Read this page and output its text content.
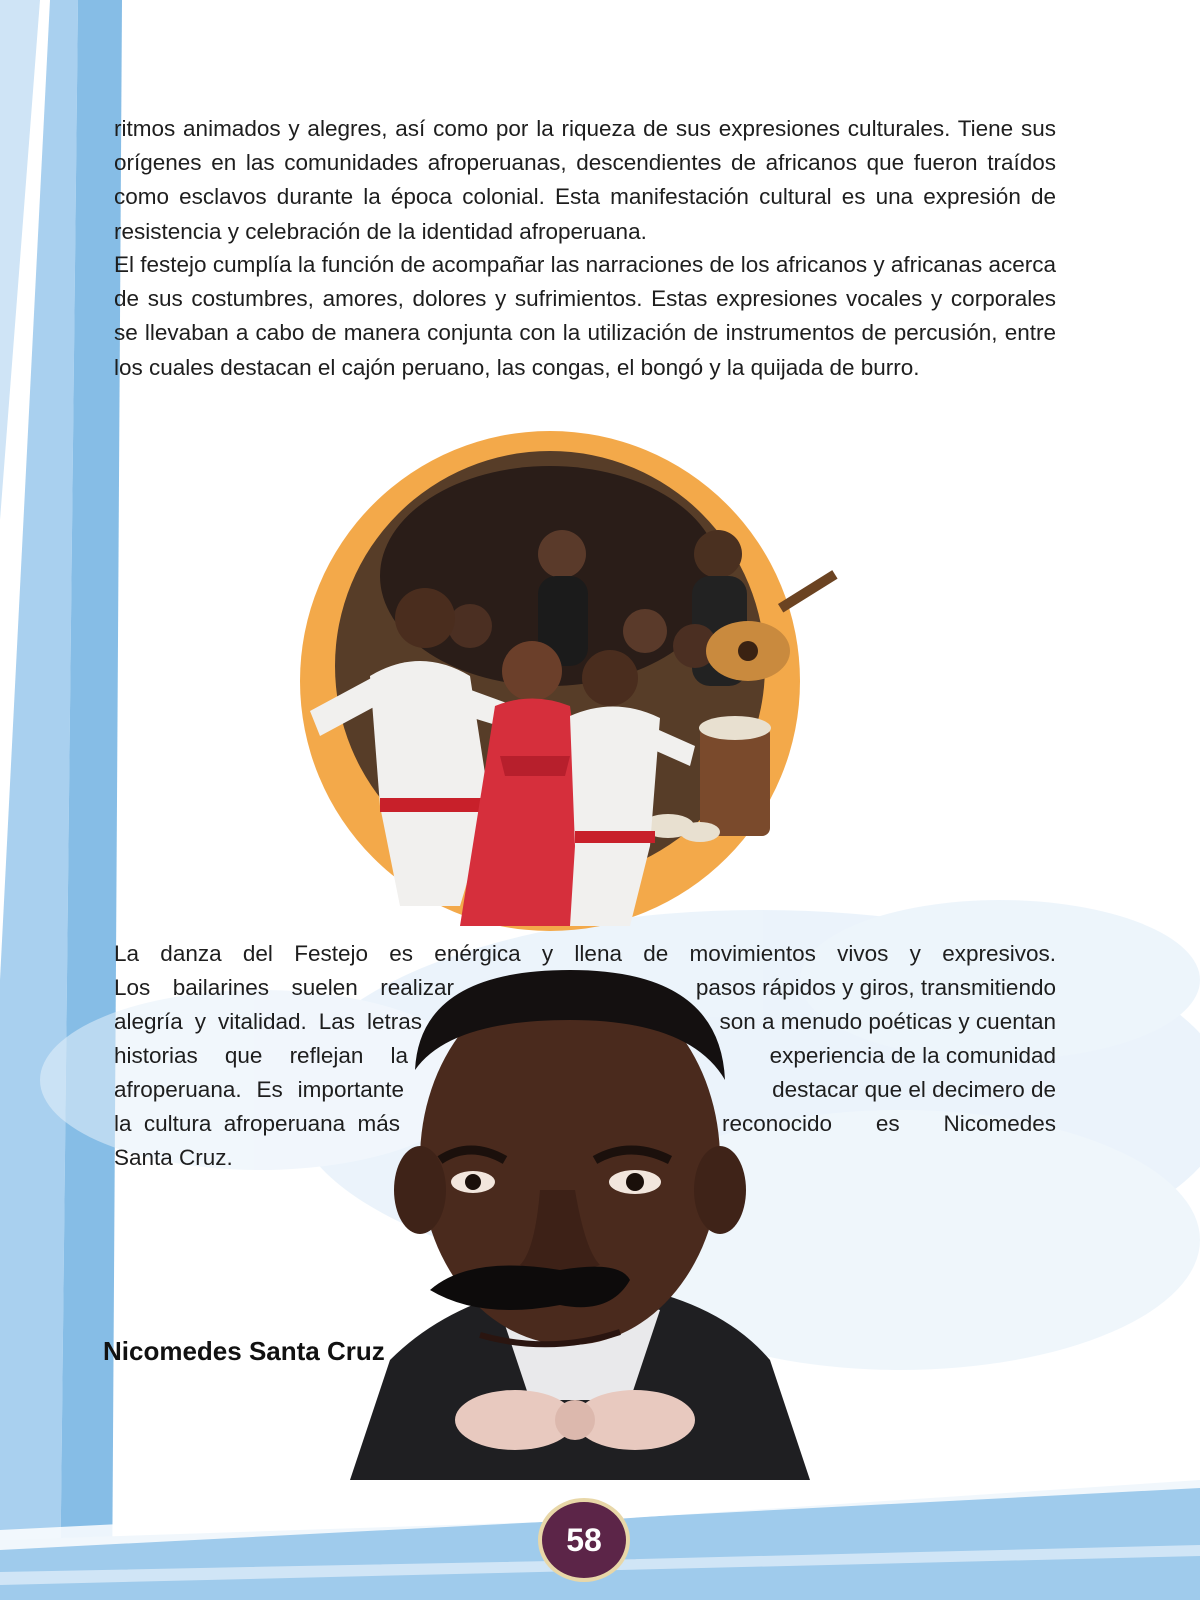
ritmos animados y alegres, así como por la riqueza de sus expresiones culturales. Tiene sus orígenes en las comunidades afroperuanas, descendientes de africanos que fueron traídos como esclavos durante la época colonial. Esta manifestación cultural es una expresión de resistencia y celebración de la identidad afroperuana.

El festejo cumplía la función de acompañar las narraciones de los africanos y africanas acerca de sus costumbres, amores, dolores y sufrimientos. Estas expresiones vocales y corporales se llevaban a cabo de manera conjunta con la utilización de instrumentos de percusión, entre los cuales destacan el cajón peruano, las congas, el bongó y la quijada de burro.

La danza del Festejo es enérgica y llena de movimientos vivos y expresivos.
Los bailarines suelen realizar	pasos rápidos y giros, transmitiendo
alegría y vitalidad. Las letras	son a menudo poéticas y cuentan
historias que reflejan la	experiencia de la comunidad
afroperuana. Es importante	destacar que el decimero de
la cultura afroperuana más	reconocido es Nicomedes
Santa Cruz.
Nicomedes Santa Cruz
58
